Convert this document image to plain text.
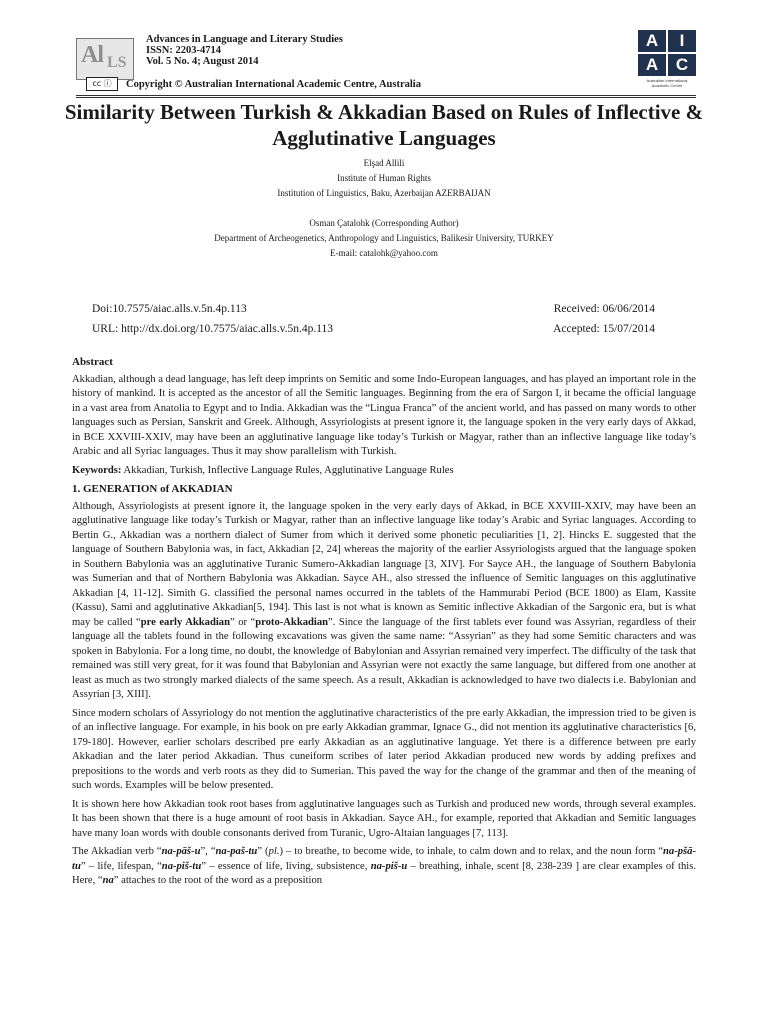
Al LS
Advances in Language and Literary Studies
ISSN: 2203-4714
Vol. 5 No. 4; August 2014
cc ⓘ	Copyright © Australian International Academic Centre, Australia
A	I
A	C
Australian International Academic Centre
Similarity Between Turkish & Akkadian Based on Rules of Inflective & Agglutinative Languages
Elşad Allili
Institute of Human Rights
Institution of Linguistics, Baku, Azerbaijan AZERBAIJAN
Osman Çatalohk (Corresponding Author)
Department of Archeogenetics, Anthropology and Linguistics, Balikesir University, TURKEY
E-mail: catalohk@yahoo.com
Doi:10.7575/aiac.alls.v.5n.4p.113	Received: 06/06/2014
URL: http://dx.doi.org/10.7575/aiac.alls.v.5n.4p.113	Accepted: 15/07/2014
Abstract

Akkadian, although a dead language, has left deep imprints on Semitic and some Indo-European languages, and has played an important role in the history of mankind. It is accepted as the ancestor of all the Semitic languages. Beginning from the era of Sargon I, it became the official language in a vast area from Anatolia to Egypt and to India. Akkadian was the “Lingua Franca” of the ancient world, and has passed on many words to other languages such as Persian, Sanskrit and Greek. Although, Assyriologists at present ignore it, the language spoken in the very early days of Akkad, in BCE XXVIII-XXIV, may have been an agglutinative language like today’s Turkish or Magyar, rather than an inflective language like today’s Arabic and all Syriac languages. Thus it may show parallelism with Turkish.

Keywords: Akkadian, Turkish, Inflective Language Rules, Agglutinative Language Rules

1. GENERATION of AKKADIAN

Although, Assyriologists at present ignore it, the language spoken in the very early days of Akkad, in BCE XXVIII-XXIV, may have been an agglutinative language like today’s Turkish or Magyar, rather than an inflective language like today’s Arabic and Syriac languages. According to Bertin G., Akkadian was a northern dialect of Sumer from which it derived some phonetic peculiarities [1, 2]. Hincks E. suggested that the language of Southern Babylonia was, in fact, Akkadian [2, 24] whereas the majority of the earlier Assyriologists argued that the language spoken in Southern Babylonia was an agglutinative Turanic Sumero-Akkadian language [3, XIV]. For Sayce AH., the language of Southern Babylonia was Sumerian and that of Northern Babylonia was Akkadian. Sayce AH., also stressed the influence of Semitic languages on this agglutinative Akkadian [4, 11-12]. Simith G. classified the personal names occurred in the tablets of the Hammurabi Period (BCE 1800) as Elam, Kassite (Kassu), Sami and agglutinative Akkadian[5, 194]. This last is not what is known as Semitic inflective Akkadian of the Sargonic era, but is what may be called “pre early Akkadian” or “proto-Akkadian”. Since the language of the first tablets ever found was Assyrian, regardless of their language all the tablets found in the following excavations was given the same name: “Assyrian” as they had some Semitic characters and was spoken in Babylonia. For a long time, no doubt, the knowledge of Babylonian and Assyrian remained very imperfect. The difficulty of the task that remained was still very great, for it was found that Babylonian and Assyrian were not exactly the same language, but differed from one another at least as much as two strongly marked dialects of the same speech. As a result, Akkadian is acknowledged to have two dialects i.e. Babylonian and Assyrian [3, XIII].

Since modern scholars of Assyriology do not mention the agglutinative characteristics of the pre early Akkadian, the impression tried to be given is of an inflective language. For example, in his book on pre early Akkadian grammar, Ignace G., did not mention its agglutinative characteristics [6, 179-180]. However, earlier scholars described pre early Akkadian as an agglutinative language. Yet there is a difference between pre early Akkadian and the later period Akkadian. Thus cuneiform scribes of later period Akkadian produced new words by adding prefixes and prepositions to the words and verb roots as they did to Sumerian. This paved the way for the change of the grammar and then of the meaning of such words. Examples will be below presented.

It is shown here how Akkadian took root bases from agglutinative languages such as Turkish and produced new words, through several examples. It has been shown that there is a huge amount of root basis in Akkadian. Sayce AH., for example, reported that Akkadian and Semitic languages have many loan words with double consonants derived from Turanic, Ugro-Altaian languages [7, 113].

The Akkadian verb “na-pāš-u”, “na-paš-tu” (pl.) – to breathe, to become wide, to inhale, to calm down and to relax, and the noun form “na-pšā-tu” – life, lifespan, “na-piš-tu” – essence of life, living, subsistence, na-piš-u – breathing, inhale, scent [8, 238-239 ] are clear examples of this. Here, “na” attaches to the root of the word as a preposition
